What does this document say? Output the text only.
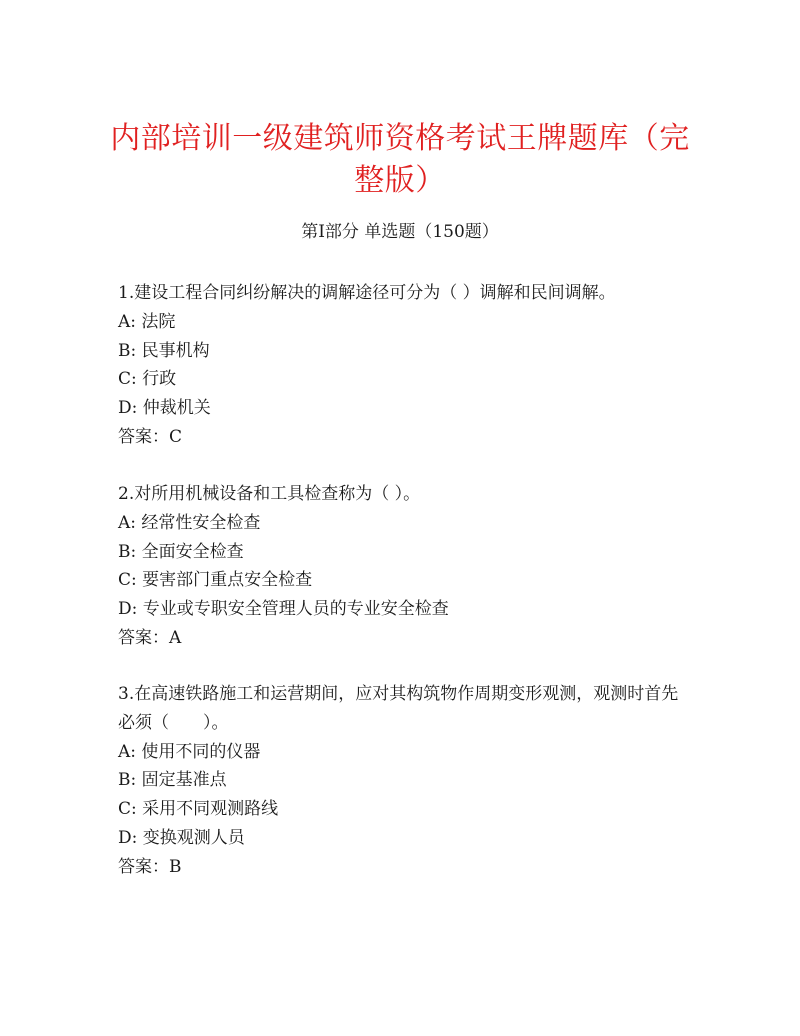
内部培训一级建筑师资格考试王牌题库（完整版）
第I部分 单选题（150题）

1.建设工程合同纠纷解决的调解途径可分为（ ）调解和民间调解。

A: 法院

B: 民事机构

C: 行政

D: 仲裁机关

答案：C

2.对所用机械设备和工具检查称为（ ）。

A: 经常性安全检查

B: 全面安全检查

C: 要害部门重点安全检查

D: 专业或专职安全管理人员的专业安全检查

答案：A

3.在高速铁路施工和运营期间，应对其构筑物作周期变形观测，观测时首先必须（　　）。

A: 使用不同的仪器

B: 固定基准点

C: 采用不同观测路线

D: 变换观测人员

答案：B
